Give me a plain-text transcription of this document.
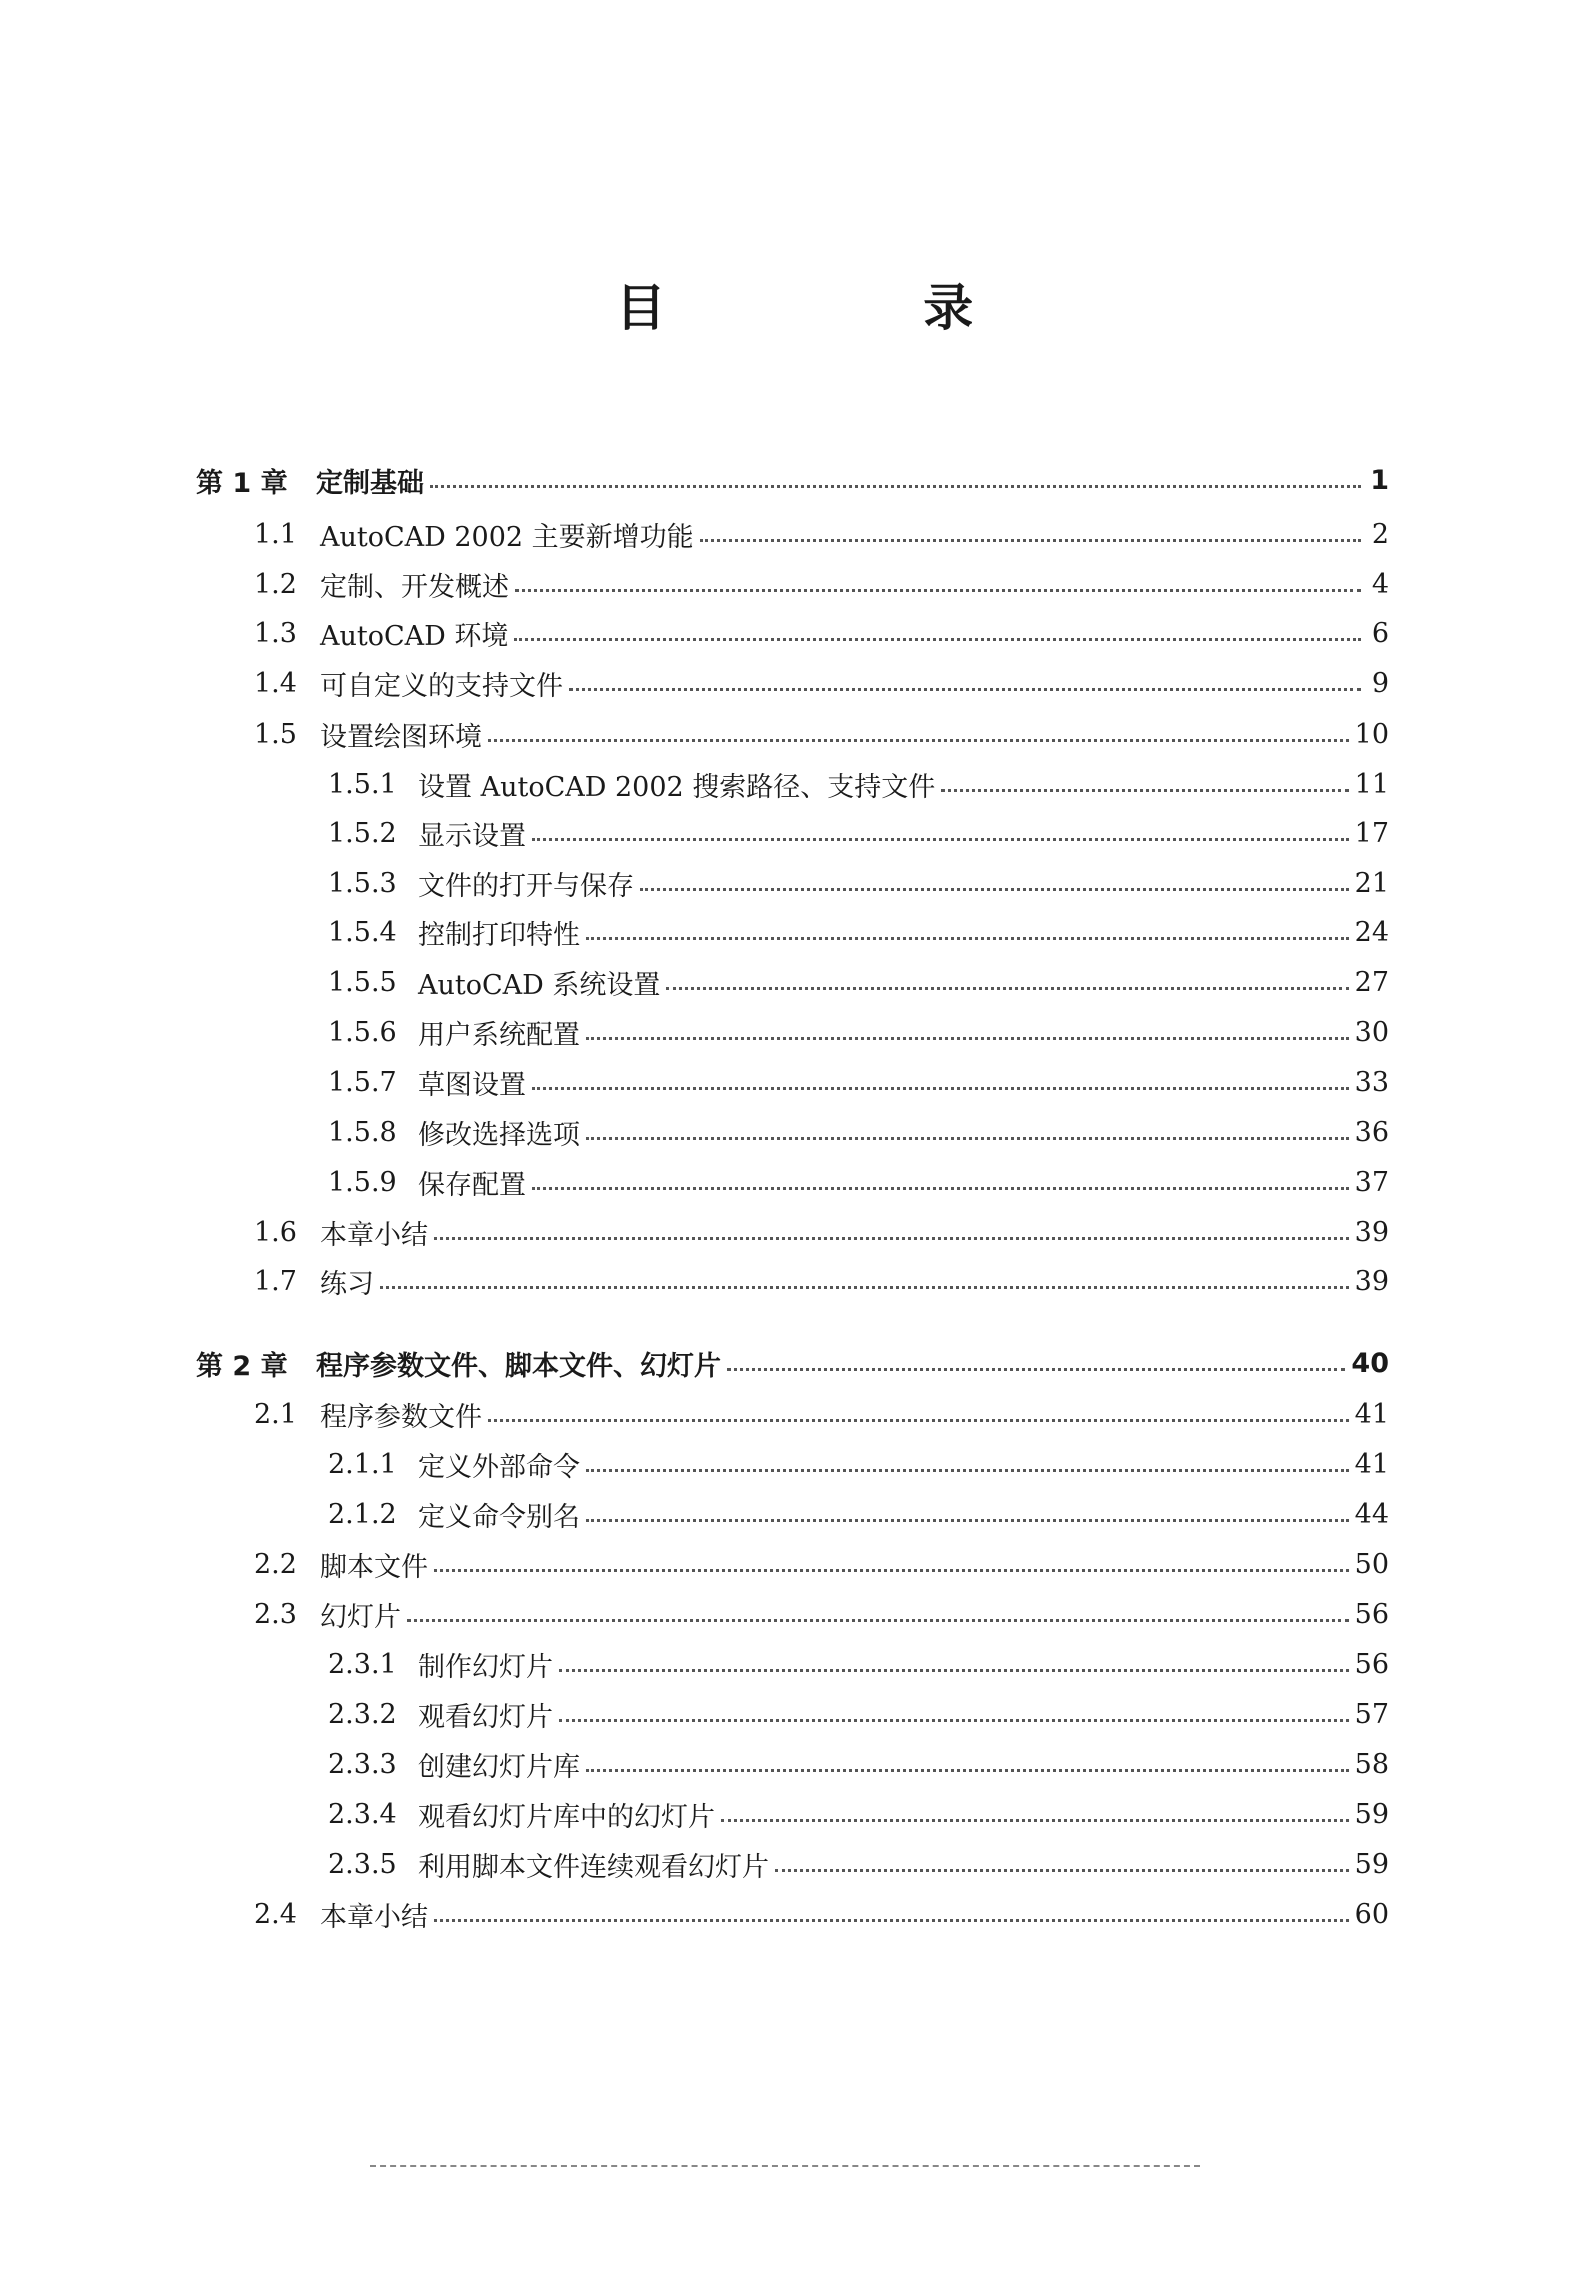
目 录
第 1 章	定制基础	1
1.1 AutoCAD 2002 主要新增功能	2
1.2 定制、开发概述	4
1.3 AutoCAD 环境	6
1.4 可自定义的支持文件	9
1.5 设置绘图环境	10
1.5.1 设置 AutoCAD 2002 搜索路径、支持文件	11
1.5.2 显示设置	17
1.5.3 文件的打开与保存	21
1.5.4 控制打印特性	24
1.5.5 AutoCAD 系统设置	27
1.5.6 用户系统配置	30
1.5.7 草图设置	33
1.5.8 修改选择选项	36
1.5.9 保存配置	37
1.6 本章小结	39
1.7 练习	39
第 2 章	程序参数文件、脚本文件、幻灯片	40
2.1 程序参数文件	41
2.1.1 定义外部命令	41
2.1.2 定义命令别名	44
2.2 脚本文件	50
2.3 幻灯片	56
2.3.1 制作幻灯片	56
2.3.2 观看幻灯片	57
2.3.3 创建幻灯片库	58
2.3.4 观看幻灯片库中的幻灯片	59
2.3.5 利用脚本文件连续观看幻灯片	59
2.4 本章小结	60
